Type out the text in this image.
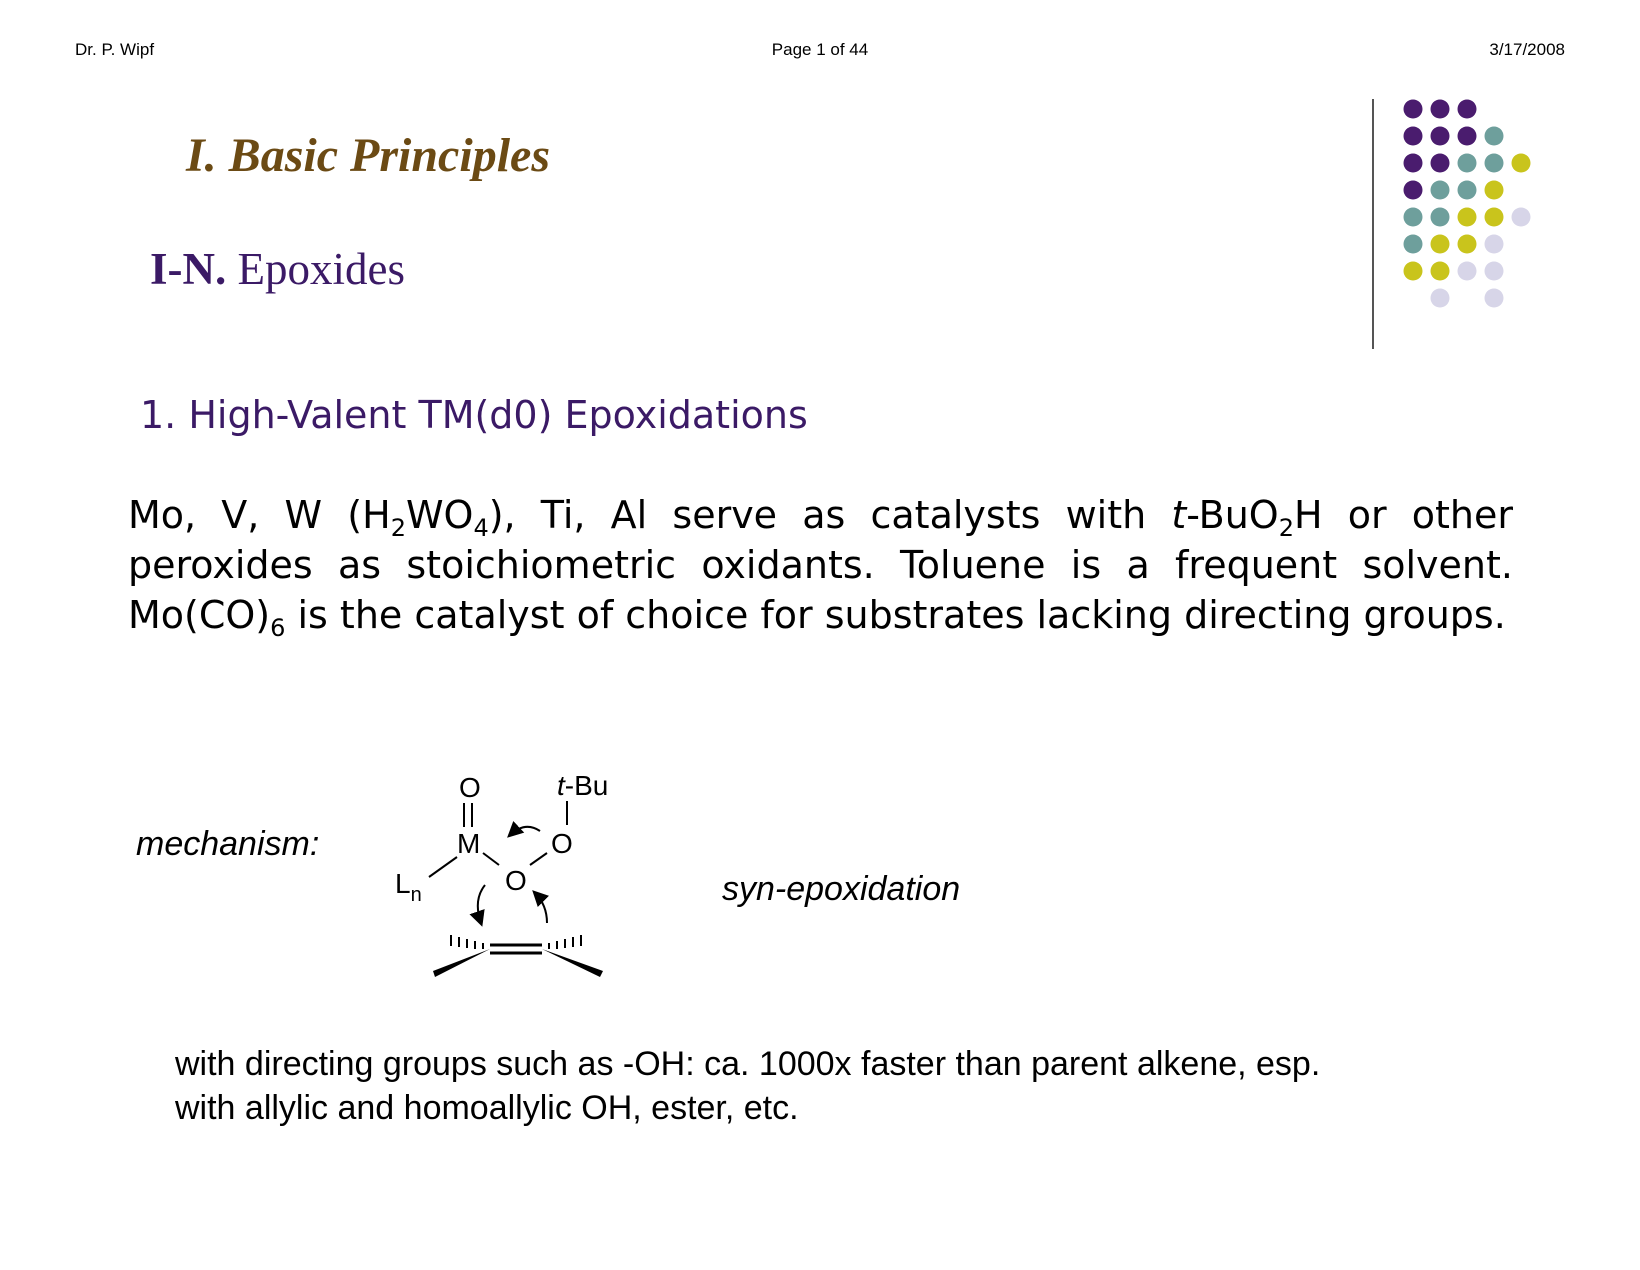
Dr. P. Wipf	Page 1 of 44	3/17/2008
I. Basic Principles
I-N. Epoxides
1. High-Valent TM(d0) Epoxidations
Mo, V, W $(H_2WO_4)$, Ti, Al serve as catalysts with t-BuO$_2$H or other peroxides as stoichiometric oxidants. Toluene is a frequent solvent. $Mo(CO)_6$ is the catalyst of choice for substrates lacking directing groups.
mechanism:
O
M
$L_n$	O
O
t-Bu
syn-epoxidation
with directing groups such as -OH: ca. 1000x faster than parent alkene, esp.
with allylic and homoallylic OH, ester, etc.
